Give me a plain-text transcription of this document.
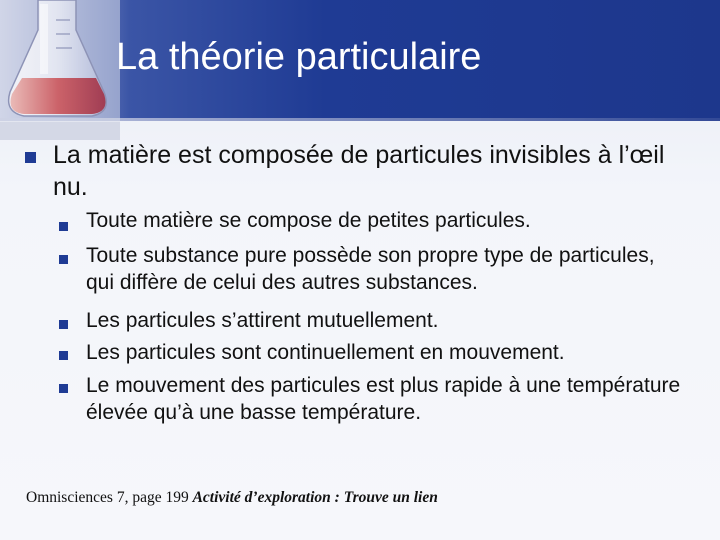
La théorie particulaire
La matière est composée de particules invisibles à l’œil nu.
Toute matière se compose de petites particules.
Toute substance pure possède son propre type de particules, qui diffère de celui des autres substances.
Les particules s’attirent mutuellement.
Les particules sont continuellement en mouvement.
Le mouvement des particules est plus rapide à une température élevée qu’à une basse température.
Omnisciences 7, page 199 Activité d’exploration : Trouve un lien
